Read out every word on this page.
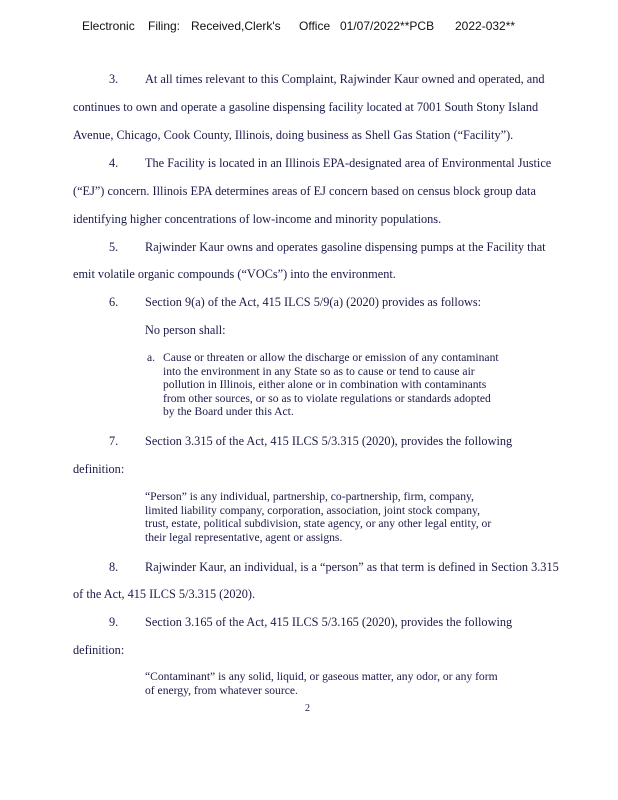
Electronic Filing: Received,Clerk's Office 01/07/2022**PCB 2022-032**
3. At all times relevant to this Complaint, Rajwinder Kaur owned and operated, and
continues to own and operate a gasoline dispensing facility located at 7001 South Stony Island
Avenue, Chicago, Cook County, Illinois, doing business as Shell Gas Station (“Facility”).
4. The Facility is located in an Illinois EPA-designated area of Environmental Justice
(“EJ”) concern. Illinois EPA determines areas of EJ concern based on census block group data
identifying higher concentrations of low-income and minority populations.
5. Rajwinder Kaur owns and operates gasoline dispensing pumps at the Facility that
emit volatile organic compounds (“VOCs”) into the environment.
6. Section 9(a) of the Act, 415 ILCS 5/9(a) (2020) provides as follows:
No person shall:
a. Cause or threaten or allow the discharge or emission of any contaminant
into the environment in any State so as to cause or tend to cause air
pollution in Illinois, either alone or in combination with contaminants
from other sources, or so as to violate regulations or standards adopted
by the Board under this Act.
7. Section 3.315 of the Act, 415 ILCS 5/3.315 (2020), provides the following
definition:
“Person” is any individual, partnership, co-partnership, firm, company,
limited liability company, corporation, association, joint stock company,
trust, estate, political subdivision, state agency, or any other legal entity, or
their legal representative, agent or assigns.
8. Rajwinder Kaur, an individual, is a “person” as that term is defined in Section 3.315
of the Act, 415 ILCS 5/3.315 (2020).
9. Section 3.165 of the Act, 415 ILCS 5/3.165 (2020), provides the following
definition:
“Contaminant” is any solid, liquid, or gaseous matter, any odor, or any form
of energy, from whatever source.
2
